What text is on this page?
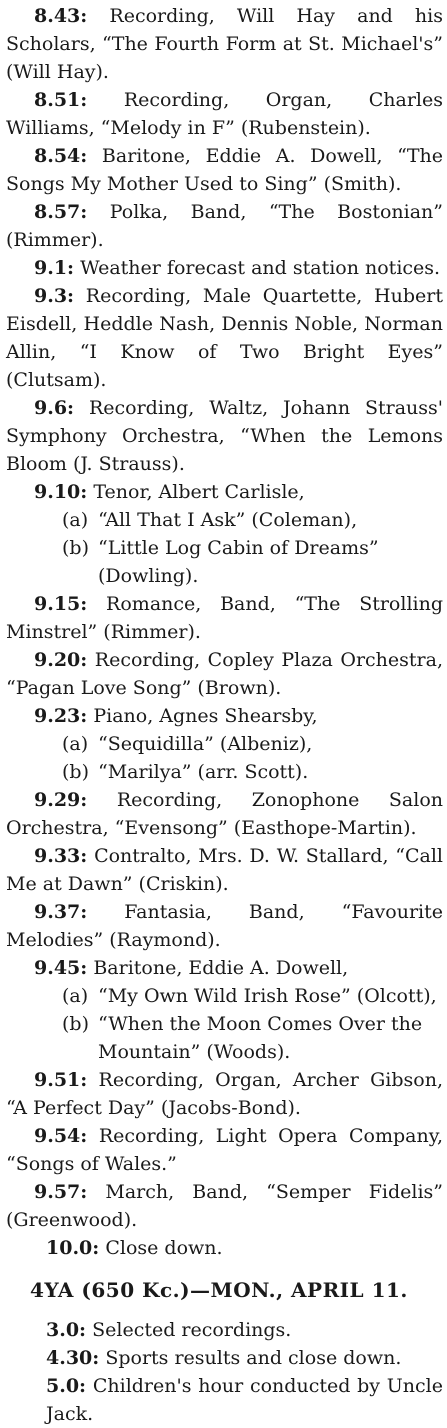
8.43: Recording, Will Hay and his Scholars, “The Fourth Form at St. Michael's” (Will Hay).

8.51: Recording, Organ, Charles Williams, “Melody in F” (Rubenstein).

8.54: Baritone, Eddie A. Dowell, “The Songs My Mother Used to Sing” (Smith).

8.57: Polka, Band, “The Bostonian” (Rimmer).

9.1: Weather forecast and station notices.

9.3: Recording, Male Quartette, Hubert Eisdell, Heddle Nash, Dennis Noble, Norman Allin, “I Know of Two Bright Eyes” (Clutsam).

9.6: Recording, Waltz, Johann Strauss' Symphony Orchestra, “When the Lemons Bloom (J. Strauss).

9.10: Tenor, Albert Carlisle,

(a) “All That I Ask” (Coleman),
(b) “Little Log Cabin of Dreams” (Dowling).

9.15: Romance, Band, “The Strolling Minstrel” (Rimmer).

9.20: Recording, Copley Plaza Orchestra, “Pagan Love Song” (Brown).

9.23: Piano, Agnes Shearsby,

(a) “Sequidilla” (Albeniz),
(b) “Marilya” (arr. Scott).

9.29: Recording, Zonophone Salon Orchestra, “Evensong” (Easthope-Martin).

9.33: Contralto, Mrs. D. W. Stallard, “Call Me at Dawn” (Criskin).

9.37: Fantasia, Band, “Favourite Melodies” (Raymond).

9.45: Baritone, Eddie A. Dowell,

(a) “My Own Wild Irish Rose” (Olcott),
(b) “When the Moon Comes Over the Mountain” (Woods).

9.51: Recording, Organ, Archer Gibson, “A Perfect Day” (Jacobs-Bond).

9.54: Recording, Light Opera Company, “Songs of Wales.”

9.57: March, Band, “Semper Fidelis” (Greenwood).

10.0: Close down.

4YA (650 Kc.)—MON., APRIL 11.

3.0: Selected recordings.

4.30: Sports results and close down.

5.0: Children's hour conducted by Uncle Jack.
